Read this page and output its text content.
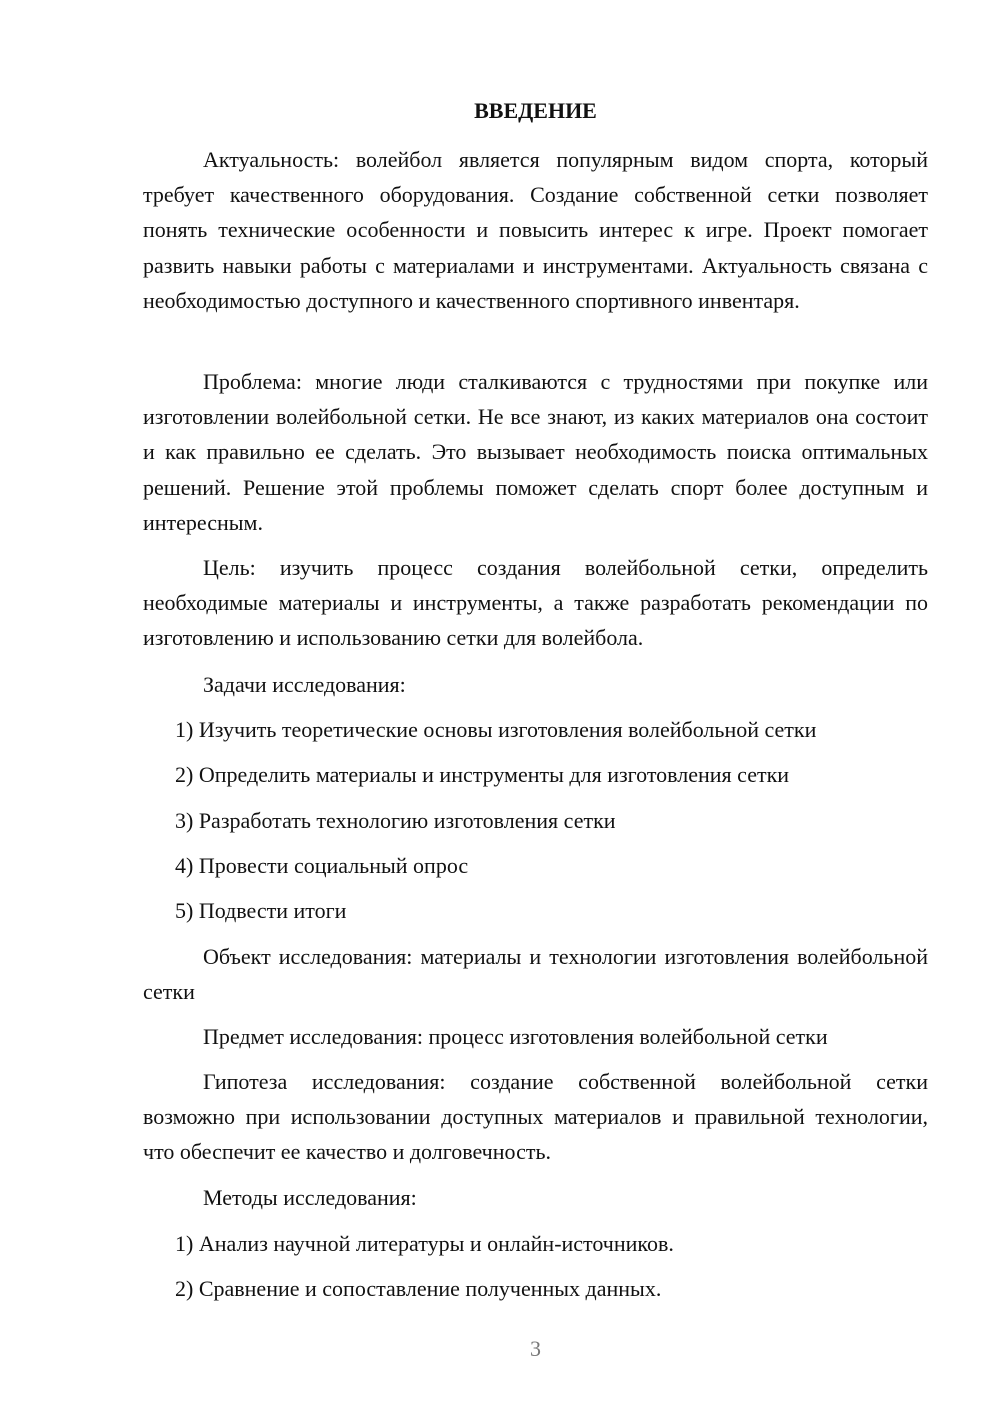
ВВЕДЕНИЕ

Актуальность: волейбол является популярным видом спорта, который требует качественного оборудования. Создание собственной сетки позволяет понять технические особенности и повысить интерес к игре. Проект помогает развить навыки работы с материалами и инструментами. Актуальность связана с необходимостью доступного и качественного спортивного инвентаря.

Проблема: многие люди сталкиваются с трудностями при покупке или изготовлении волейбольной сетки. Не все знают, из каких материалов она состоит и как правильно ее сделать. Это вызывает необходимость поиска оптимальных решений. Решение этой проблемы поможет сделать спорт более доступным и интересным.

Цель: изучить процесс создания волейбольной сетки, определить необходимые материалы и инструменты, а также разработать рекомендации по изготовлению и использованию сетки для волейбола.

Задачи исследования:

1) Изучить теоретические основы изготовления волейбольной сетки

2) Определить материалы и инструменты для изготовления сетки

3) Разработать технологию изготовления сетки

4) Провести социальный опрос

5) Подвести итоги

Объект исследования: материалы и технологии изготовления волейбольной сетки

Предмет исследования: процесс изготовления волейбольной сетки

Гипотеза исследования: создание собственной волейбольной сетки возможно при использовании доступных материалов и правильной технологии, что обеспечит ее качество и долговечность.

Методы исследования:

1) Анализ научной литературы и онлайн-источников.

2) Сравнение и сопоставление полученных данных.

3
